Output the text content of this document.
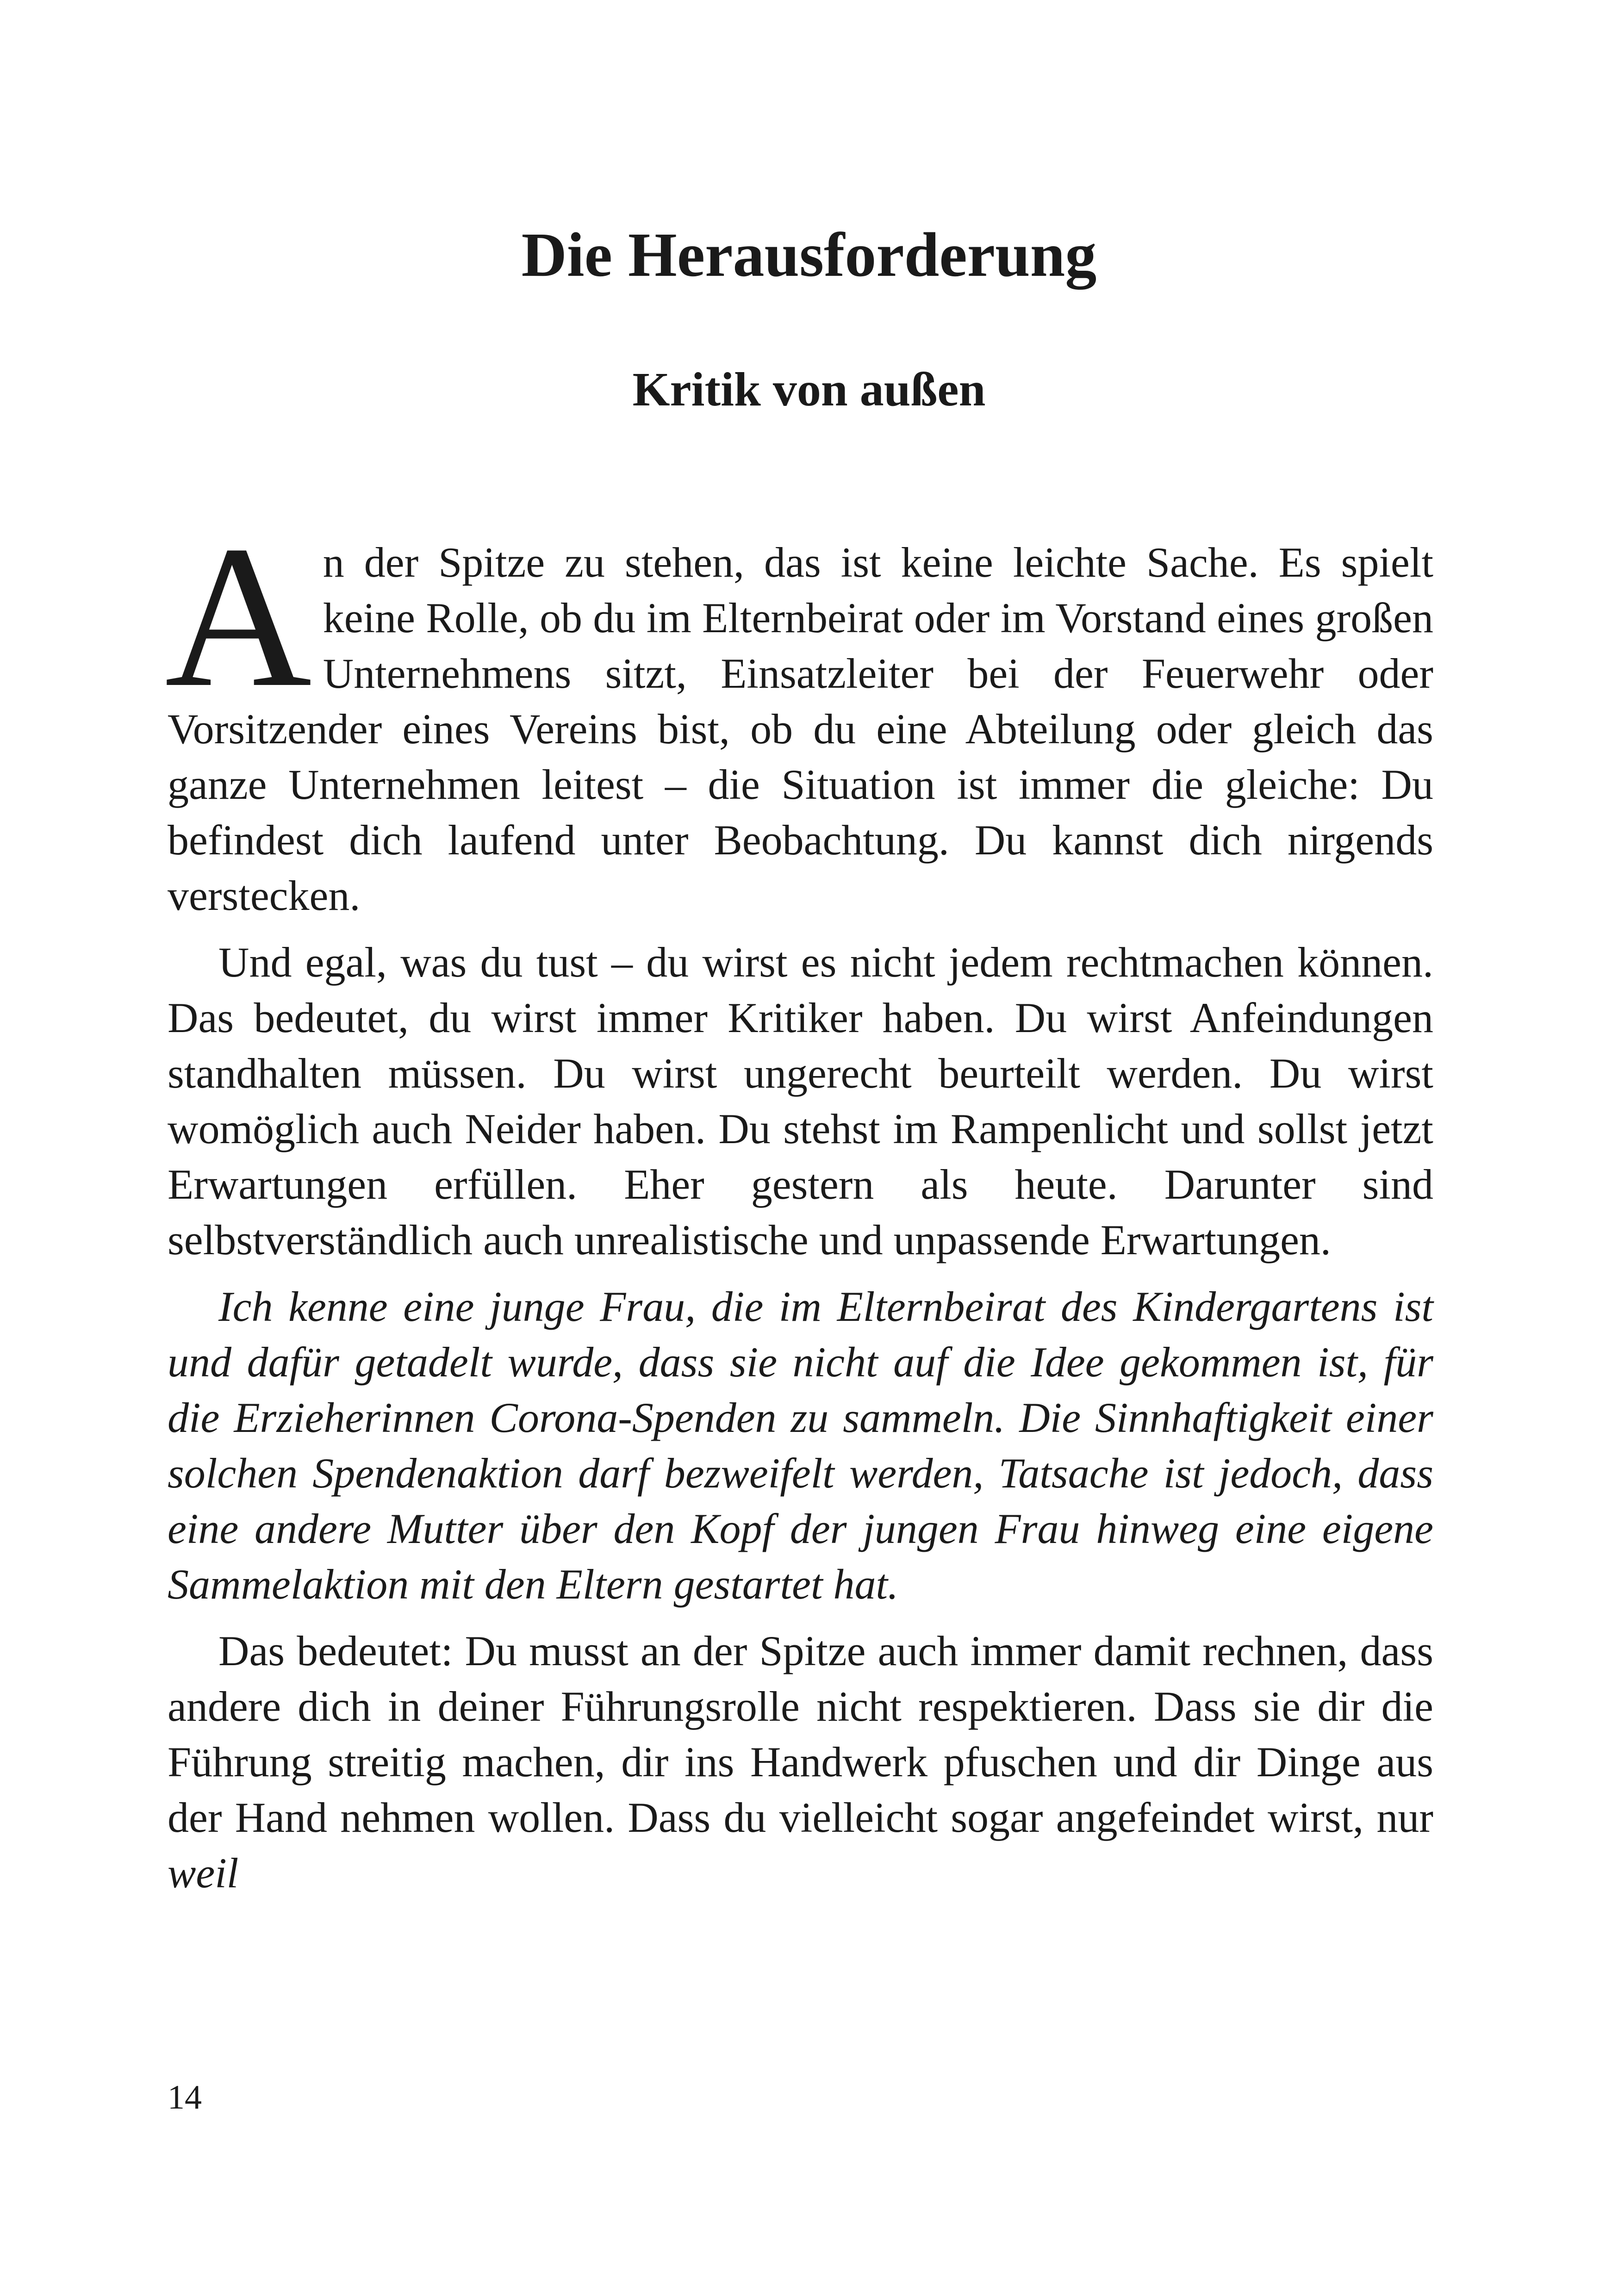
Die Herausforderung
Kritik von außen

An der Spitze zu stehen, das ist keine leichte Sache. Es spielt keine Rolle, ob du im Elternbeirat oder im Vorstand eines großen Unternehmens sitzt, Einsatzleiter bei der Feuerwehr oder Vorsitzender eines Vereins bist, ob du eine Abteilung oder gleich das ganze Unternehmen leitest – die Situation ist immer die gleiche: Du befindest dich laufend unter Beobachtung. Du kannst dich nirgends verstecken.

Und egal, was du tust – du wirst es nicht jedem rechtmachen können. Das bedeutet, du wirst immer Kritiker haben. Du wirst Anfeindungen standhalten müssen. Du wirst ungerecht beurteilt werden. Du wirst womöglich auch Neider haben. Du stehst im Rampenlicht und sollst jetzt Erwartungen erfüllen. Eher gestern als heute. Darunter sind selbstverständlich auch unrealistische und unpassende Erwartungen.

Ich kenne eine junge Frau, die im Elternbeirat des Kindergartens ist und dafür getadelt wurde, dass sie nicht auf die Idee gekommen ist, für die Erzieherinnen Corona-Spenden zu sammeln. Die Sinnhaftigkeit einer solchen Spendenaktion darf bezweifelt werden, Tatsache ist jedoch, dass eine andere Mutter über den Kopf der jungen Frau hinweg eine eigene Sammelaktion mit den Eltern gestartet hat.

Das bedeutet: Du musst an der Spitze auch immer damit rechnen, dass andere dich in deiner Führungsrolle nicht respektieren. Dass sie dir die Führung streitig machen, dir ins Handwerk pfuschen und dir Dinge aus der Hand nehmen wollen. Dass du vielleicht sogar angefeindet wirst, nur weil

14
